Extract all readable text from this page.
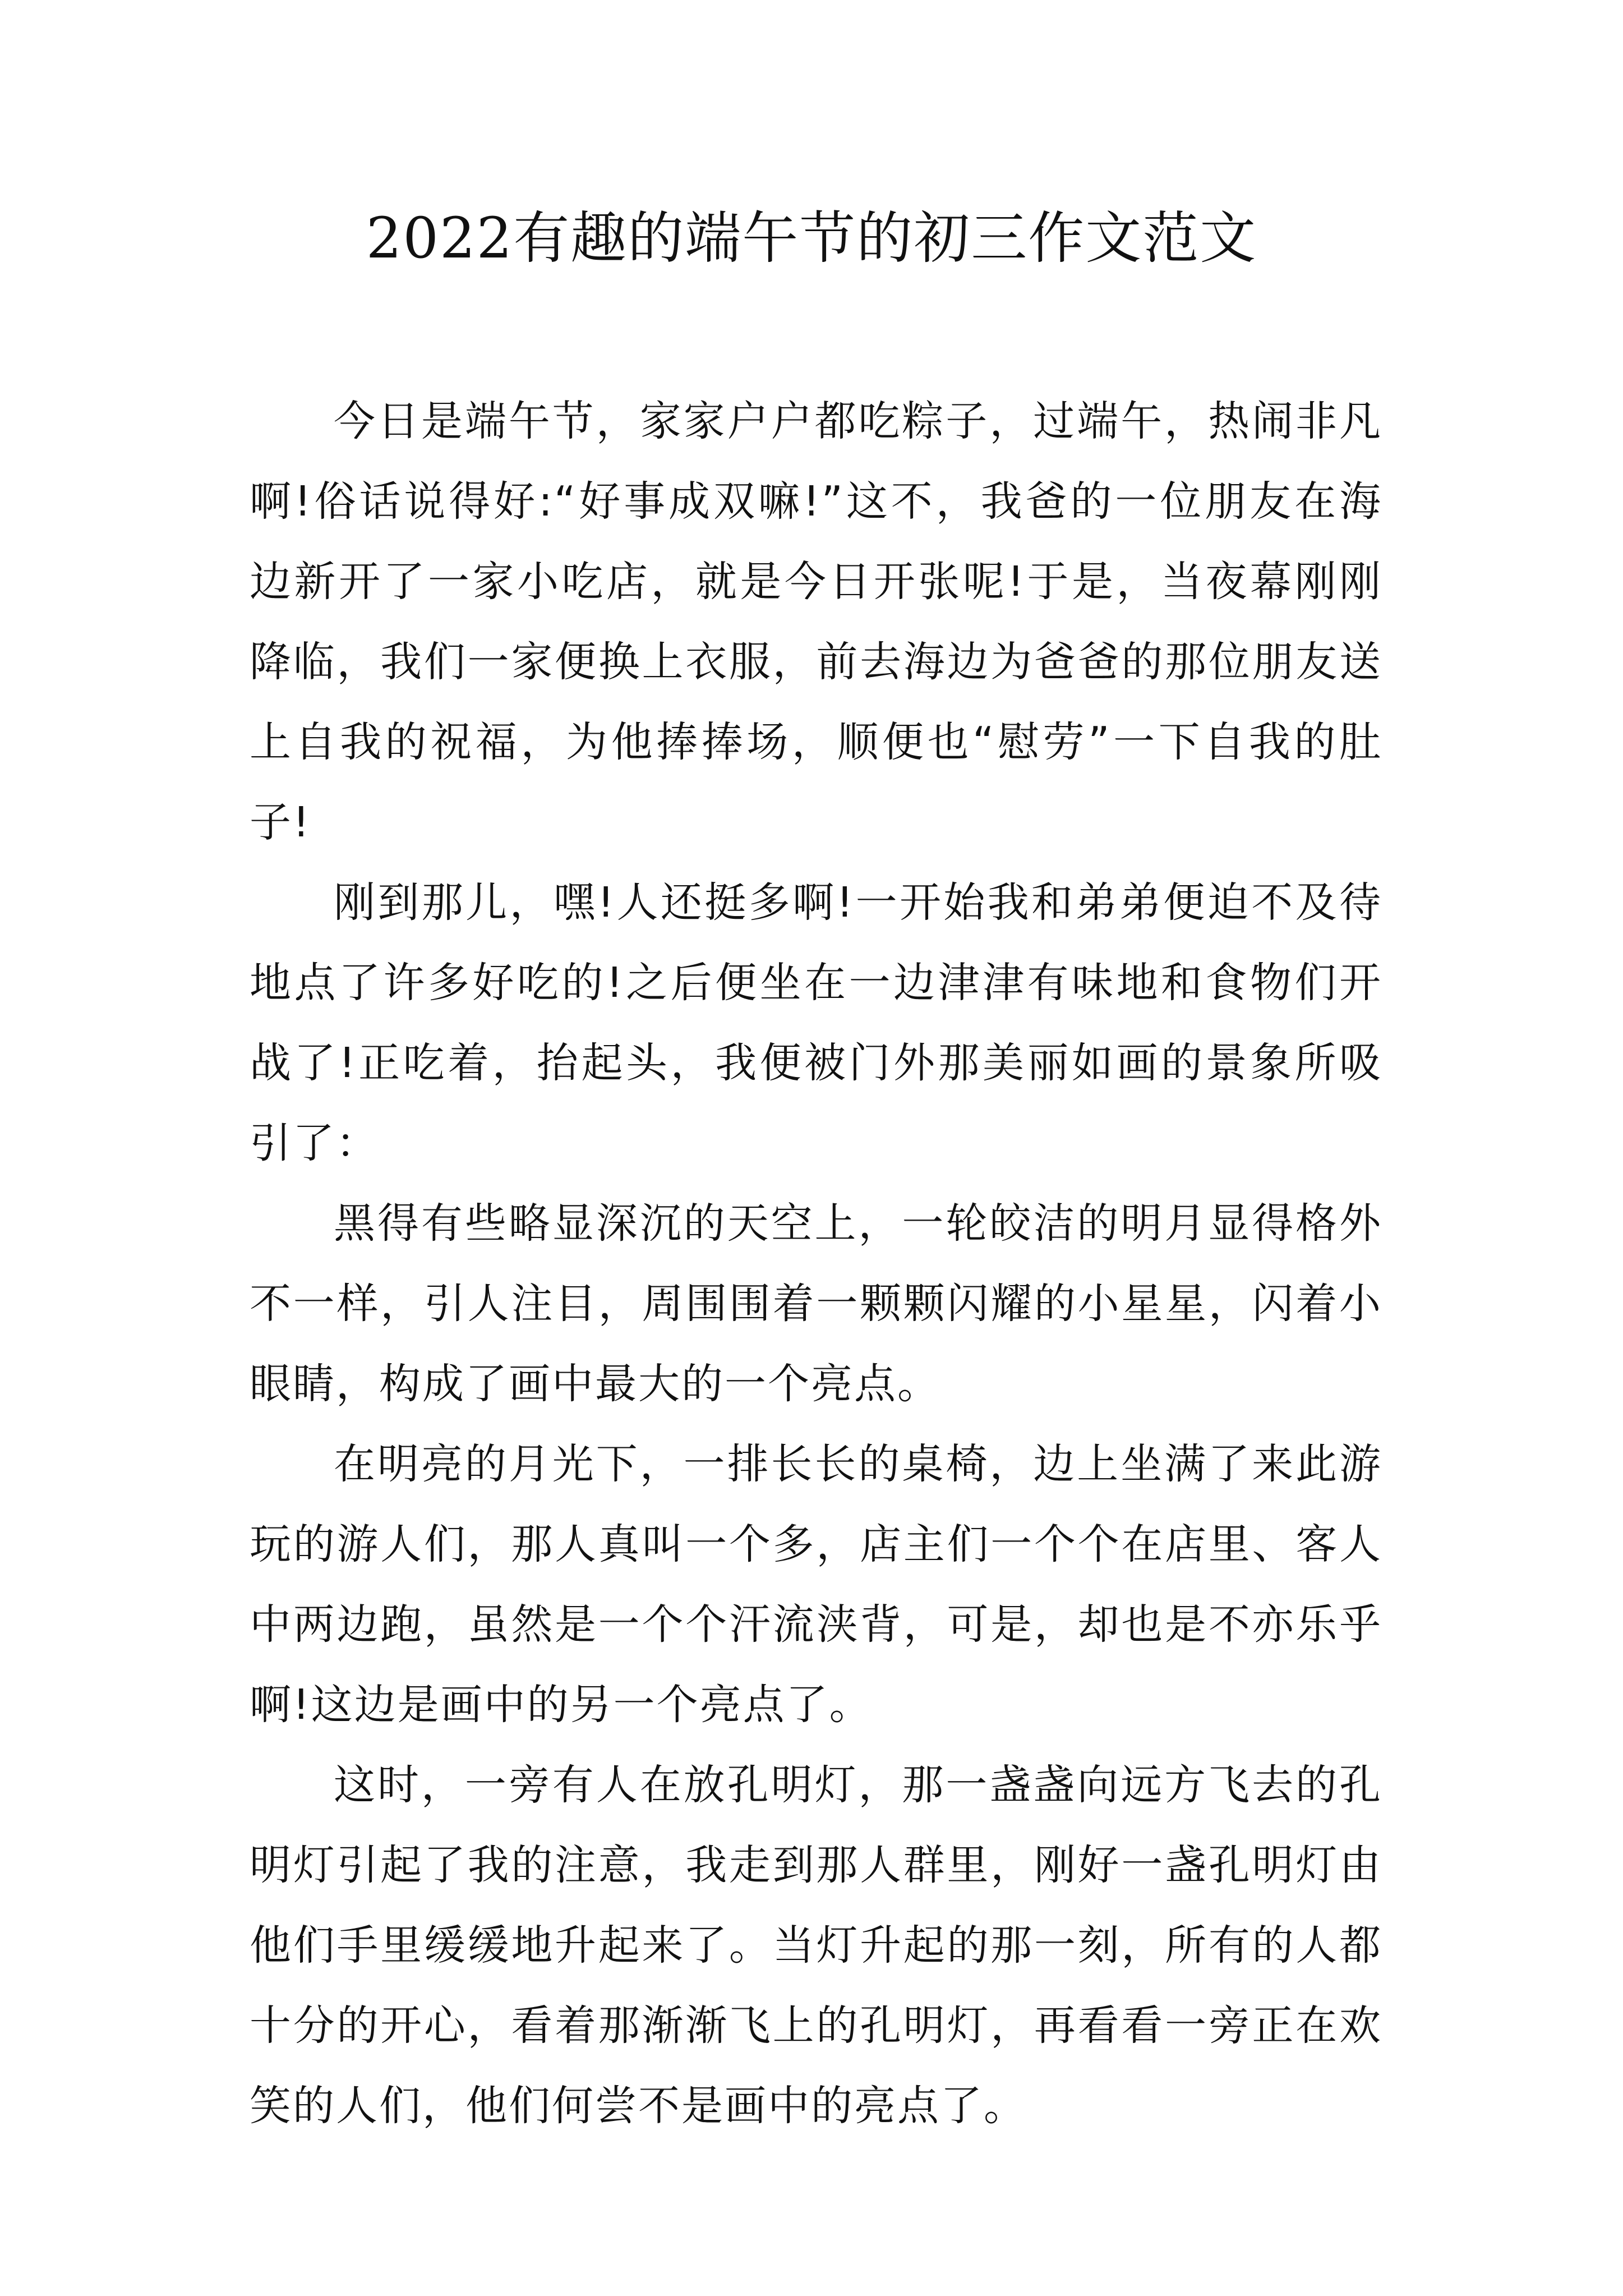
2022有趣的端午节的初三作文范文

今日是端午节，家家户户都吃粽子，过端午，热闹非凡啊!俗话说得好:“好事成双嘛!”这不，我爸的一位朋友在海边新开了一家小吃店，就是今日开张呢!于是，当夜幕刚刚降临，我们一家便换上衣服，前去海边为爸爸的那位朋友送上自我的祝福，为他捧捧场，顺便也“慰劳”一下自我的肚子!

刚到那儿，嘿!人还挺多啊!一开始我和弟弟便迫不及待地点了许多好吃的!之后便坐在一边津津有味地和食物们开战了!正吃着，抬起头，我便被门外那美丽如画的景象所吸引了：

黑得有些略显深沉的天空上，一轮皎洁的明月显得格外不一样，引人注目，周围围着一颗颗闪耀的小星星，闪着小眼睛，构成了画中最大的一个亮点。

在明亮的月光下，一排长长的桌椅，边上坐满了来此游玩的游人们，那人真叫一个多，店主们一个个在店里、客人中两边跑，虽然是一个个汗流浃背，可是，却也是不亦乐乎啊!这边是画中的另一个亮点了。

这时，一旁有人在放孔明灯，那一盏盏向远方飞去的孔明灯引起了我的注意，我走到那人群里，刚好一盏孔明灯由他们手里缓缓地升起来了。当灯升起的那一刻，所有的人都十分的开心，看着那渐渐飞上的孔明灯，再看看一旁正在欢笑的人们，他们何尝不是画中的亮点了。
